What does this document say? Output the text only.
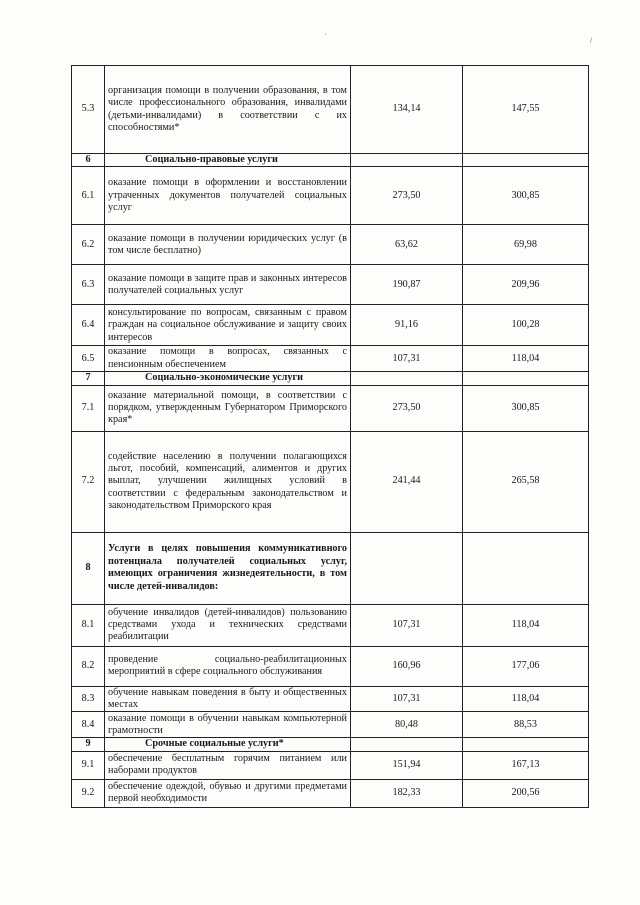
·
/
5.3	организация помощи в получении образования, в том числе профессионального образования, инвалидами (детьми-инвалидами) в соответствии с их способностями*	134,14	147,55
6	Социально-правовые услуги		
6.1	оказание помощи в оформлении и восстановлении утраченных документов получателей социальных услуг	273,50	300,85
6.2	оказание помощи в получении юридических услуг (в том числе бесплатно)	63,62	69,98
6.3	оказание помощи в защите прав и законных интересов получателей социальных услуг	190,87	209,96
6.4	консультирование по вопросам, связанным с правом граждан на социальное обслуживание и защиту своих интересов	91,16	100,28
6.5	оказание помощи в вопросах, связанных с пенсионным обеспечением	107,31	118,04
7	Социально-экономические услуги		
7.1	оказание материальной помощи, в соответствии с порядком, утвержденным Губернатором Приморского края*	273,50	300,85
7.2	содействие населению в получении полагающихся льгот, пособий, компенсаций, алиментов и других выплат, улучшении жилищных условий в соответствии с федеральным законодательством и законодательством Приморского края	241,44	265,58
8	Услуги в целях повышения коммуникативного потенциала получателей социальных услуг, имеющих ограничения жизнедеятельности, в том числе детей-инвалидов:		
8.1	обучение инвалидов (детей-инвалидов) пользованию средствами ухода и технических средствами реабилитации	107,31	118,04
8.2	проведение социально-реабилитационных мероприятий в сфере социального обслуживания	160,96	177,06
8.3	обучение навыкам поведения в быту и общественных местах	107,31	118,04
8.4	оказание помощи в обучении навыкам компьютерной грамотности	80,48	88,53
9	Срочные социальные услуги*		
9.1	обеспечение бесплатным горячим питанием или наборами продуктов	151,94	167,13
9.2	обеспечение одеждой, обувью и другими предметами первой необходимости	182,33	200,56
